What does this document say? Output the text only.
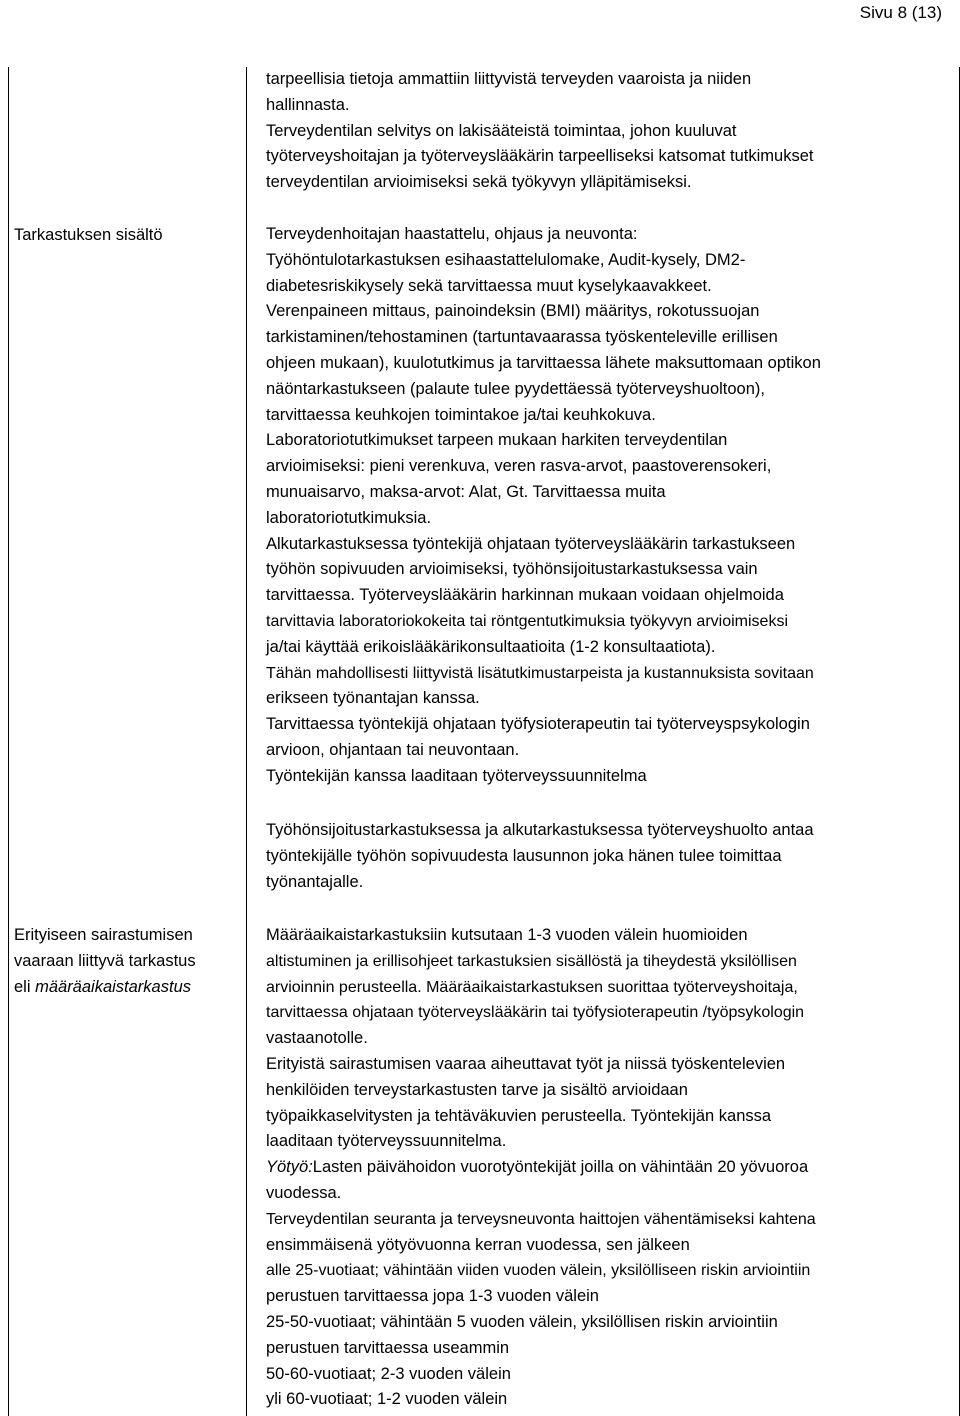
Sivu 8 (13)

tarpeellisia tietoja ammattiin liittyvistä terveyden vaaroista ja niiden

hallinnasta.

Terveydentilan selvitys on lakisääteistä toimintaa, johon kuuluvat

työterveyshoitajan ja työterveyslääkärin tarpeelliseksi katsomat tutkimukset

terveydentilan arvioimiseksi sekä työkyvyn ylläpitämiseksi.

Tarkastuksen sisältö	Terveydenhoitajan haastattelu, ohjaus ja neuvonta:

Työhöntulotarkastuksen esihaastattelulomake, Audit-kysely, DM2-

diabetesriskikysely sekä tarvittaessa muut kyselykaavakkeet.

Verenpaineen mittaus, painoindeksin (BMI) määritys, rokotussuojan

tarkistaminen/tehostaminen (tartuntavaarassa työskenteleville erillisen

ohjeen mukaan), kuulotutkimus ja tarvittaessa lähete maksuttomaan optikon

näöntarkastukseen (palaute tulee pyydettäessä työterveyshuoltoon),

tarvittaessa keuhkojen toimintakoe ja/tai keuhkokuva.

Laboratoriotutkimukset tarpeen mukaan harkiten terveydentilan

arvioimiseksi: pieni verenkuva, veren rasva-arvot, paastoverensokeri,

munuaisarvo, maksa-arvot: Alat, Gt. Tarvittaessa muita

laboratoriotutkimuksia.

Alkutarkastuksessa työntekijä ohjataan työterveyslääkärin tarkastukseen

työhön sopivuuden arvioimiseksi, työhönsijoitustarkastuksessa vain

tarvittaessa. Työterveyslääkärin harkinnan mukaan voidaan ohjelmoida

tarvittavia laboratoriokokeita tai röntgentutkimuksia työkyvyn arvioimiseksi

ja/tai käyttää erikoislääkärikonsultaatioita (1-2 konsultaatiota).

Tähän mahdollisesti liittyvistä lisätutkimustarpeista ja kustannuksista sovitaan

erikseen työnantajan kanssa.

Tarvittaessa työntekijä ohjataan työfysioterapeutin tai työterveyspsykologin

arvioon, ohjantaan tai neuvontaan.

Työntekijän kanssa laaditaan työterveyssuunnitelma

Työhönsijoitustarkastuksessa ja alkutarkastuksessa työterveyshuolto antaa

työntekijälle työhön sopivuudesta lausunnon joka hänen tulee toimittaa

työnantajalle.

Erityiseen sairastumisen

vaaraan liittyvä tarkastus

eli määräaikaistarkastus

Määräaikaistarkastuksiin kutsutaan 1-3 vuoden välein huomioiden

altistuminen ja erillisohjeet tarkastuksien sisällöstä ja tiheydestä yksilöllisen

arvioinnin perusteella. Määräaikaistarkastuksen suorittaa työterveyshoitaja,

tarvittaessa ohjataan työterveyslääkärin tai työfysioterapeutin /työpsykologin

vastaanotolle.

Erityistä sairastumisen vaaraa aiheuttavat työt ja niissä työskentelevien

henkilöiden terveystarkastusten tarve ja sisältö arvioidaan

työpaikkaselvitysten ja tehtäväkuvien perusteella. Työntekijän kanssa

laaditaan työterveyssuunnitelma.

Yötyö:Lasten päivähoidon vuorotyöntekijät joilla on vähintään 20 yövuoroa

vuodessa.

Terveydentilan seuranta ja terveysneuvonta haittojen vähentämiseksi kahtena

ensimmäisenä yötyövuonna kerran vuodessa, sen jälkeen

alle 25-vuotiaat; vähintään viiden vuoden välein, yksilölliseen riskin arviointiin

perustuen tarvittaessa jopa 1-3 vuoden välein

25-50-vuotiaat; vähintään 5 vuoden välein, yksilöllisen riskin arviointiin

perustuen tarvittaessa useammin

50-60-vuotiaat; 2-3 vuoden välein

yli 60-vuotiaat; 1-2 vuoden välein
